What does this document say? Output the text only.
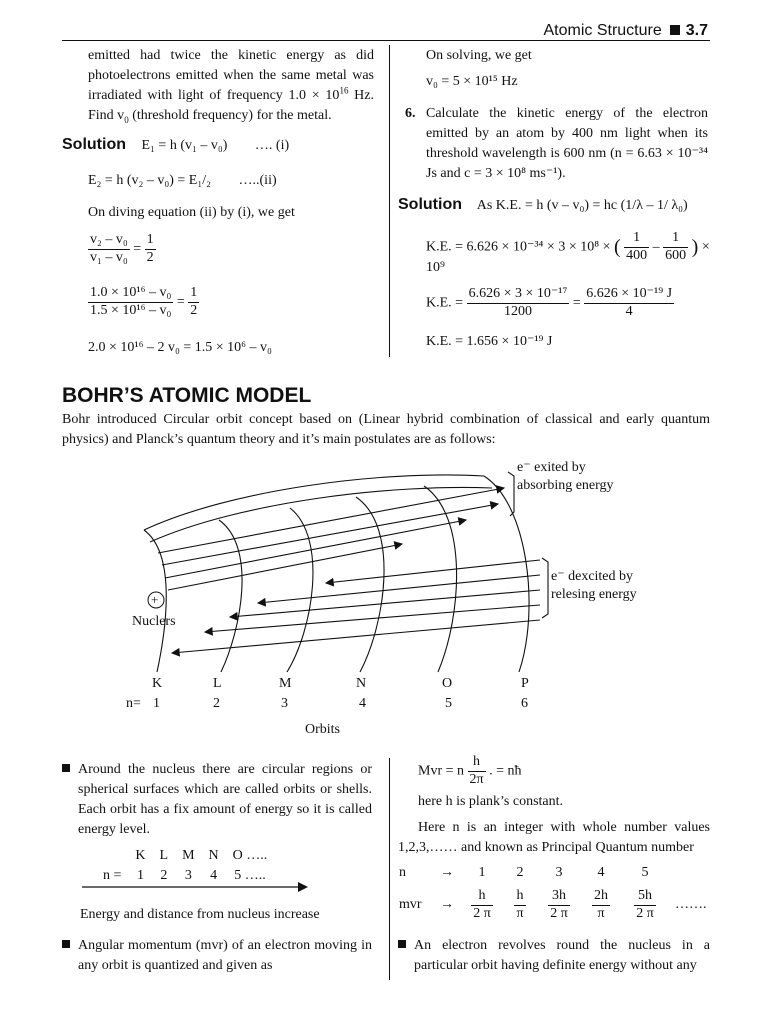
Atomic Structure 3.7
emitted had twice the kinetic energy as did photoelectrons emitted when the same metal was irradiated with light of frequency $1.0 \times 10^{16}$ Hz. Find $v_0$ (threshold frequency) for the metal.
Solution E₁ = h (v₁ – v₀) …. (i)
E₂ = h (v₂ – v₀) = E₁/₂ …..(ii)
On diving equation (ii) by (i), we get
$\frac{\text{v₂ – v₀}}{\text{v₁ – v₀}} = \frac{1}{2}$
$\frac{\text{1.0 × 10¹⁶ – v₀}}{\text{1.5 × 10¹⁶ – v₀}} = \frac{1}{2}$
2.0 × 10¹⁶ – 2 v₀ = 1.5 × 10⁶ – v₀
On solving, we get
v₀ = 5 × 10¹⁵ Hz
6. Calculate the kinetic energy of the electron emitted by an atom by 400 nm light when its threshold wavelength is 600 nm (n = 6.63 × 10⁻³⁴ Js and c = 3 × 10⁸ ms⁻¹).
Solution As K.E. = h (v – v₀) = hc (1/λ – 1/ λ₀)
K.E. = 6.626 × 10⁻³⁴ × 3 × 10⁸ × ( $\frac{1}{400} - \frac{1}{600}$ ) ×
10⁹
K.E. = $\frac{\text{6.626 × 3 × 10⁻¹⁷}}{1200} = \frac{\text{6.626 × 10⁻¹⁹ J}}{4}$
K.E. = 1.656 × 10⁻¹⁹ J
BOHR’S ATOMIC MODEL
Bohr introduced Circular orbit concept based on (Linear hybrid combination of classical and early quantum physics) and Planck’s quantum theory and it’s main postulates are as follows:
+
Nuclers
e⁻ exited by
absorbing energy
e⁻ dexcited by
relesing energy
K	L	M	N	O	P
n= 1	2	3	4	5	6
Orbits
Around the nucleus there are circular regions or spherical surfaces which are called orbits or shells. Each orbit has a fix amount of energy so it is called energy level.
	K	L	M	N	O …..
n =	1	2	3	4	5 …..
Energy and distance from nucleus increase
Angular momentum (mvr) of an electron moving in any orbit is quantized and given as
Mvr = n $\frac{h}{2\pi}$ . = nħ
here h is plank’s constant.
Here n is an integer with whole number values 1,2,3,…… and known as Principal Quantum number
n	→	1	2	3	4	5	
mvr	→	$\frac{h}{2 \pi}$	$\frac{h}{\pi}$	$\frac{3h}{2 \pi}$	$\frac{2h}{\pi}$	$\frac{5h}{2 \pi}$	…….
An electron revolves round the nucleus in a particular orbit having definite energy without any
